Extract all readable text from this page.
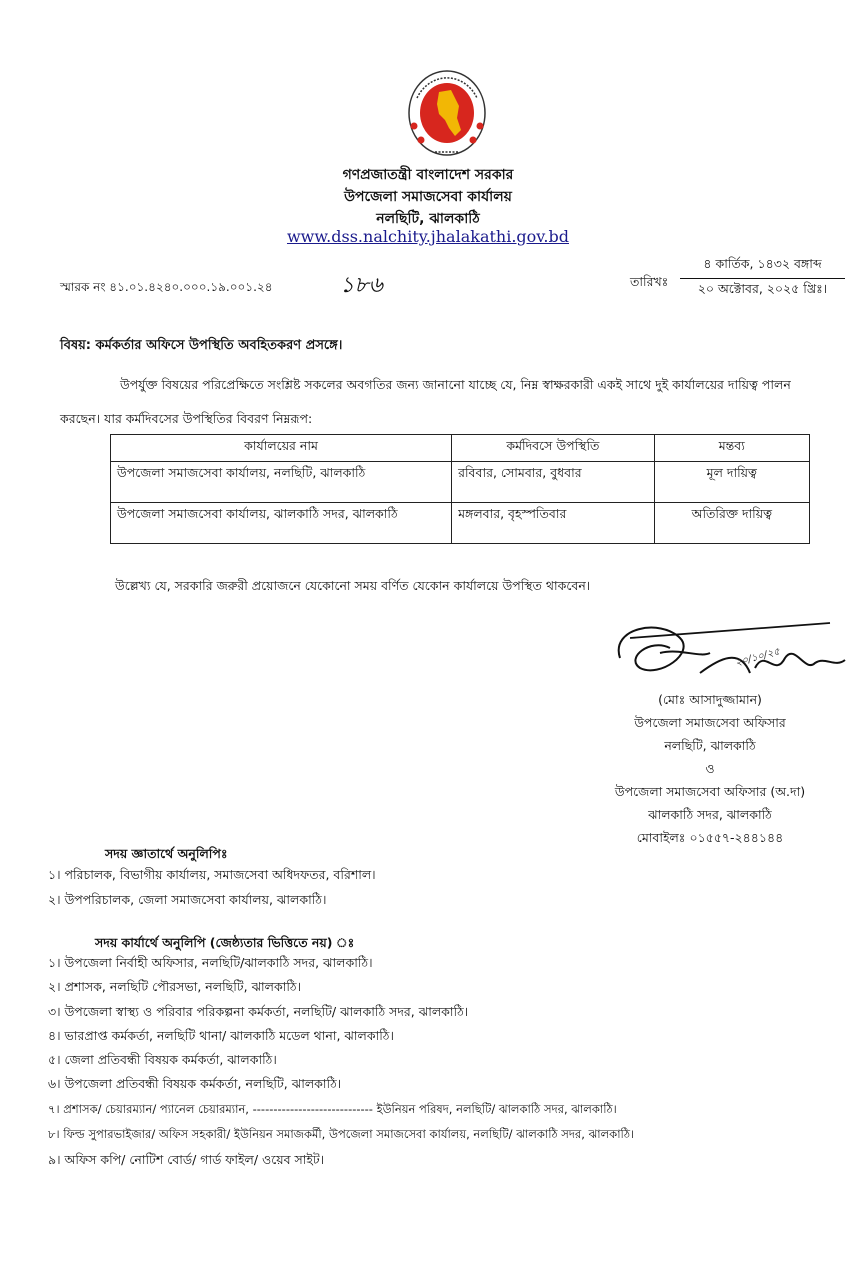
গণপ্রজাতন্ত্রী বাংলাদেশ সরকার
উপজেলা সমাজসেবা কার্যালয়
নলছিটি, ঝালকাঠি
www.dss.nalchity.jhalakathi.gov.bd
স্মারক নং ৪১.০১.৪২৪০.০০০.১৯.০০১.২৪	১৮৬	তারিখঃ
৪ কার্তিক, ১৪৩২ বঙ্গাব্দ
২০ অক্টোবর, ২০২৫ খ্রিঃ।
বিষয়: কর্মকর্তার অফিসে উপস্থিতি অবহিতকরণ প্রসঙ্গে।
উপর্যুক্ত বিষয়ের পরিপ্রেক্ষিতে সংশ্লিষ্ট সকলের অবগতির জন্য জানানো যাচ্ছে যে, নিম্ন স্বাক্ষরকারী একই সাথে দুই কার্যালয়ের দায়িত্ব পালন করছেন। যার কর্মদিবসের উপস্থিতির বিবরণ নিম্নরূপ:
কার্যালয়ের নাম	কর্মদিবসে উপস্থিতি	মন্তব্য
উপজেলা সমাজসেবা কার্যালয়, নলছিটি, ঝালকাঠি	রবিবার, সোমবার, বুধবার	মূল দায়িত্ব
উপজেলা সমাজসেবা কার্যালয়, ঝালকাঠি সদর, ঝালকাঠি	মঙ্গলবার, বৃহস্পতিবার	অতিরিক্ত দায়িত্ব
উল্লেখ্য যে, সরকারি জরুরী প্রয়োজনে যেকোনো সময় বর্ণিত যেকোন কার্যালয়ে উপস্থিত থাকবেন।
(মোঃ আসাদুজ্জামান)
উপজেলা সমাজসেবা অফিসার
নলছিটি, ঝালকাঠি
ও
উপজেলা সমাজসেবা অফিসার (অ.দা)
ঝালকাঠি সদর, ঝালকাঠি
মোবাইলঃ ০১৫৫৭-২৪৪১৪৪
২০/১০/২৫
সদয় জ্ঞাতার্থে অনুলিপিঃ
১। পরিচালক, বিভাগীয় কার্যালয়, সমাজসেবা অধিদফতর, বরিশাল।
২। উপপরিচালক, জেলা সমাজসেবা কার্যালয়, ঝালকাঠি।
সদয় কার্যার্থে অনুলিপি (জেষ্ঠ্যতার ভিত্তিতে নয়) ঃ
১। উপজেলা নির্বাহী অফিসার, নলছিটি/ঝালকাঠি সদর, ঝালকাঠি।
২। প্রশাসক, নলছিটি পৌরসভা, নলছিটি, ঝালকাঠি।
৩। উপজেলা স্বাস্থ্য ও পরিবার পরিকল্পনা কর্মকর্তা, নলছিটি/ ঝালকাঠি সদর, ঝালকাঠি।
৪। ভারপ্রাপ্ত কর্মকর্তা, নলছিটি থানা/ ঝালকাঠি মডেল থানা, ঝালকাঠি।
৫। জেলা প্রতিবন্ধী বিষয়ক কর্মকর্তা, ঝালকাঠি।
৬। উপজেলা প্রতিবন্ধী বিষয়ক কর্মকর্তা, নলছিটি, ঝালকাঠি।
৭। প্রশাসক/ চেয়ারম্যান/ প্যানেল চেয়ারম্যান, ----------------------------- ইউনিয়ন পরিষদ, নলছিটি/ ঝালকাঠি সদর, ঝালকাঠি।
৮। ফিল্ড সুপারভাইজার/ অফিস সহকারী/ ইউনিয়ন সমাজকর্মী, উপজেলা সমাজসেবা কার্যালয়, নলছিটি/ ঝালকাঠি সদর, ঝালকাঠি।
৯। অফিস কপি/ নোটিশ বোর্ড/ গার্ড ফাইল/ ওয়েব সাইট।
